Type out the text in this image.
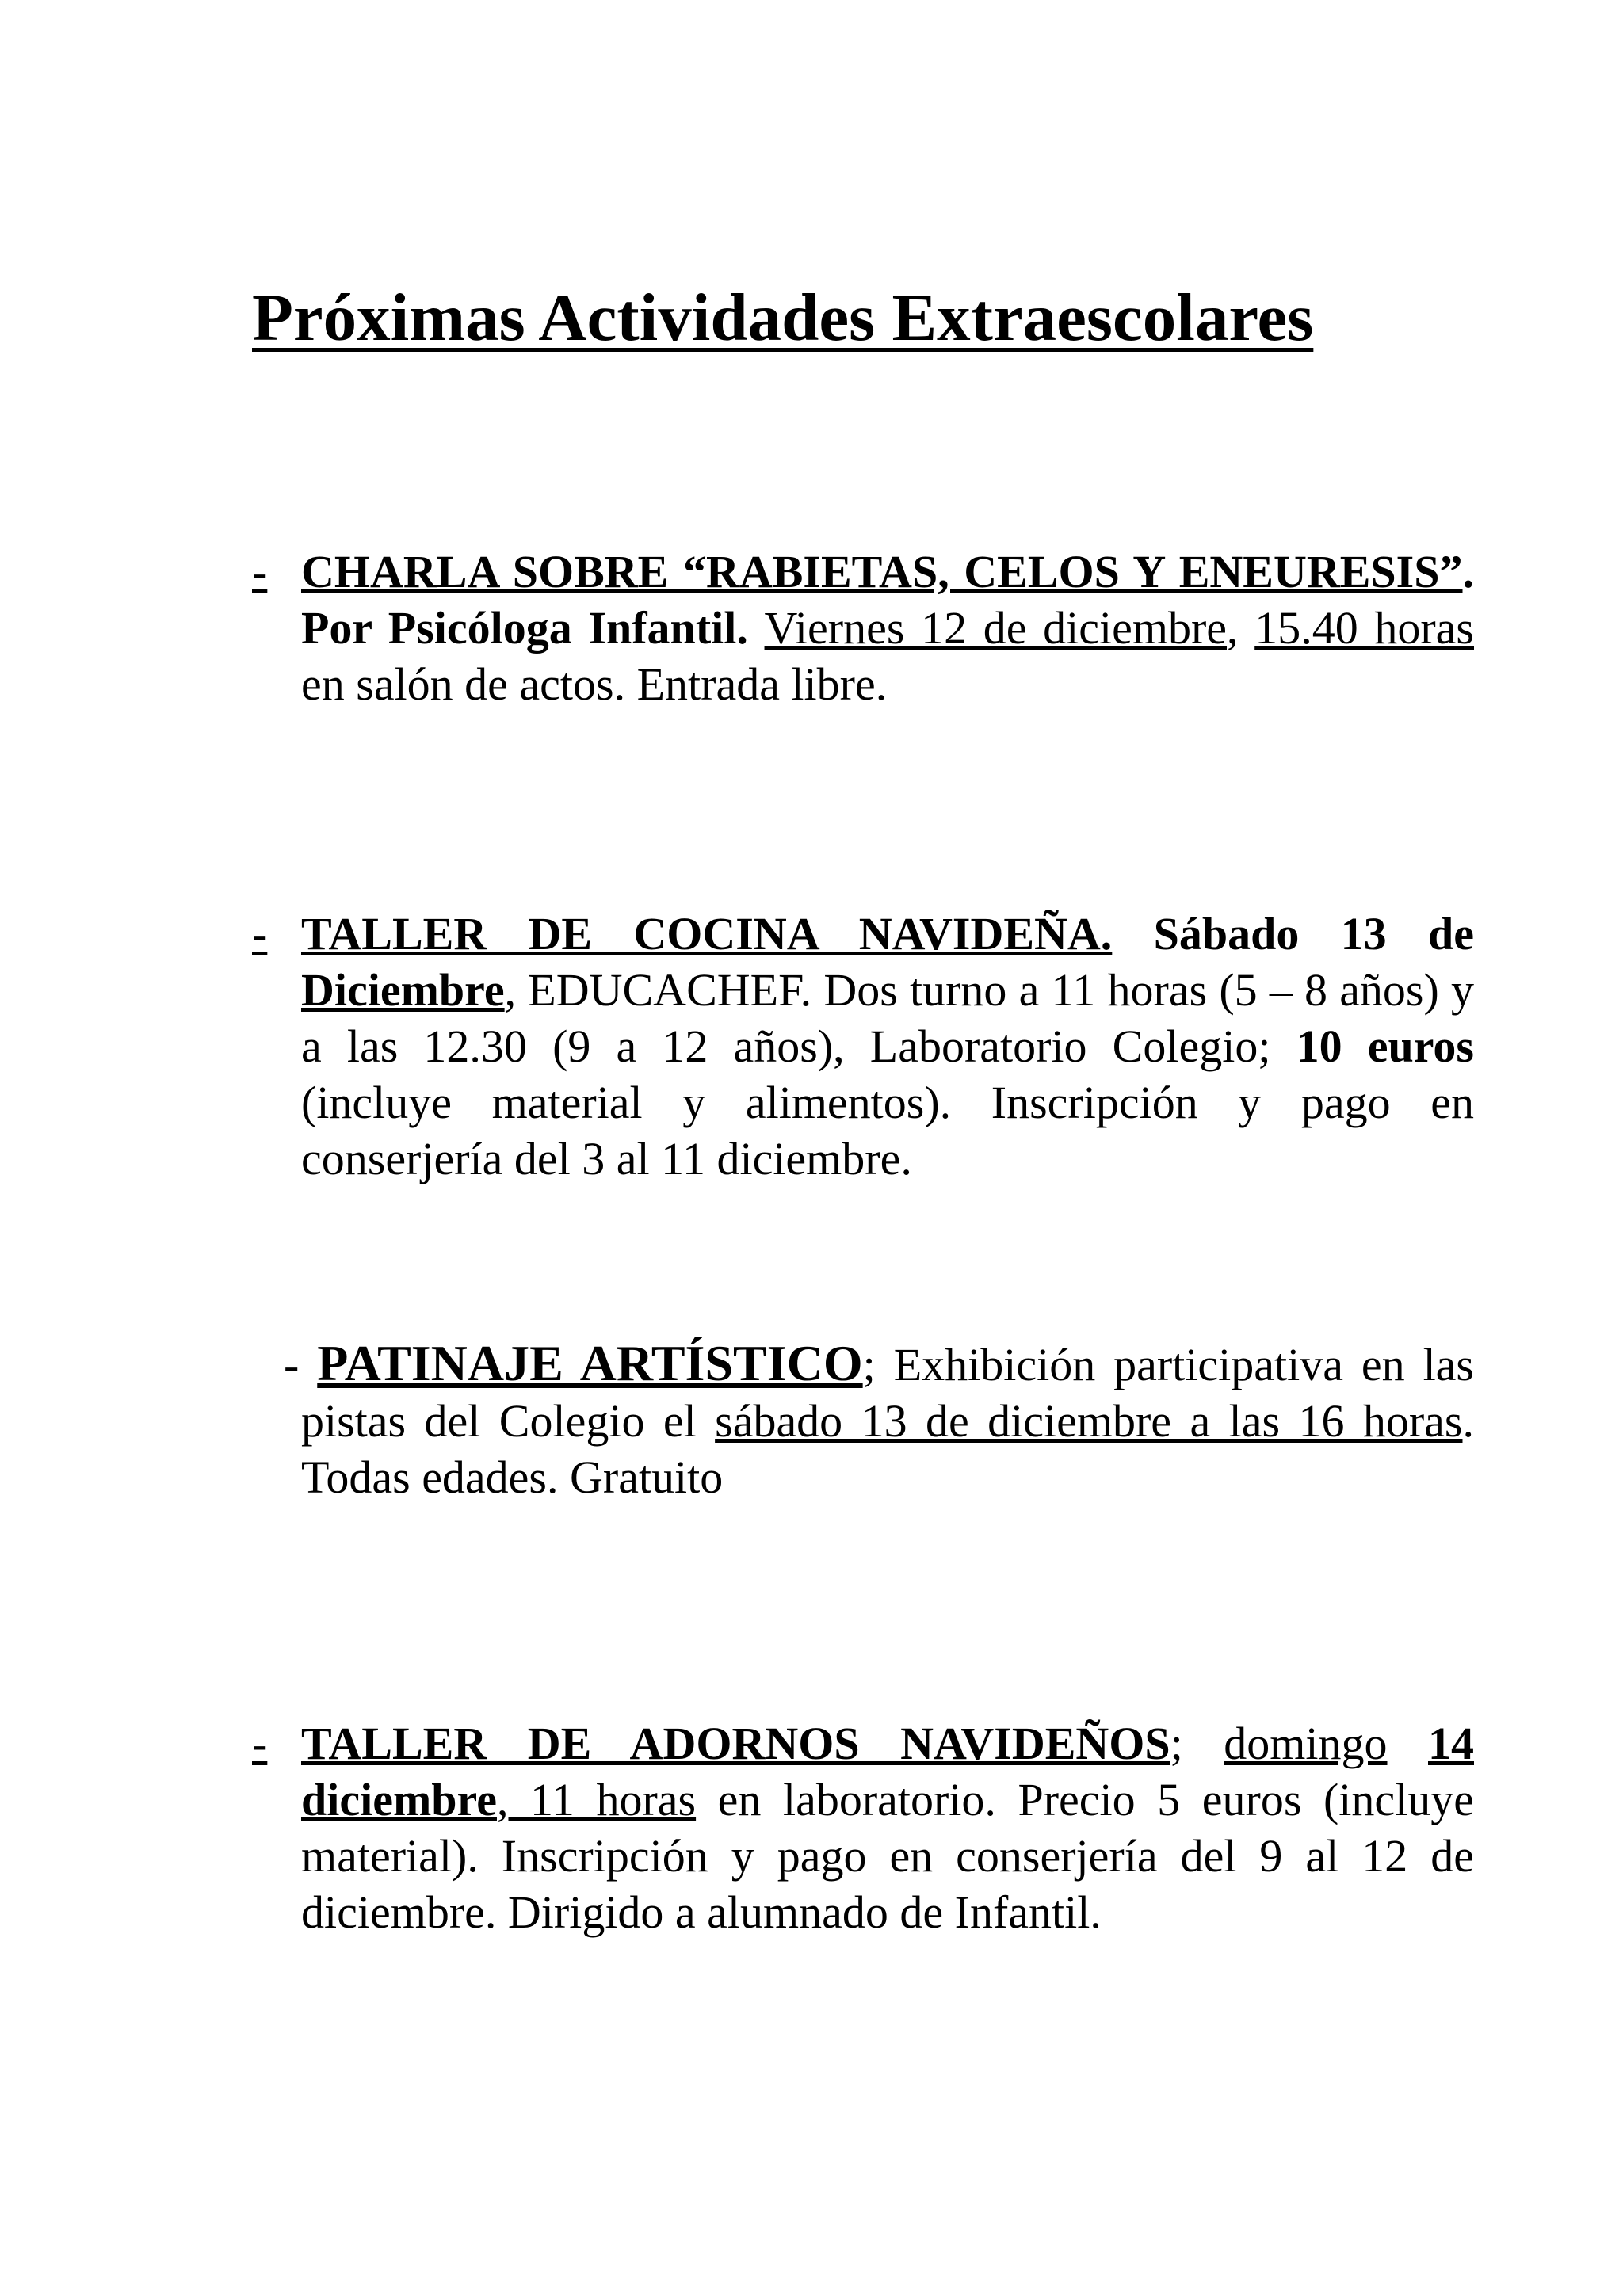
Próximas Actividades Extraescolares
- CHARLA SOBRE “RABIETAS, CELOS Y ENEURESIS”. Por Psicóloga Infantil. Viernes 12 de diciembre, 15.40 horas en salón de actos. Entrada libre.
- TALLER DE COCINA NAVIDEÑA. Sábado 13 de Diciembre, EDUCACHEF. Dos turno a 11 horas (5 – 8 años) y a las 12.30 (9 a 12 años), Laboratorio Colegio; 10 euros (incluye material y alimentos). Inscripción y pago en conserjería del 3 al 11 diciembre.
- PATINAJE ARTÍSTICO; Exhibición participativa en las pistas del Colegio el sábado 13 de diciembre a las 16 horas. Todas edades. Gratuito
- TALLER DE ADORNOS NAVIDEÑOS; domingo 14 diciembre, 11 horas en laboratorio. Precio 5 euros (incluye material). Inscripción y pago en conserjería del 9 al 12 de diciembre. Dirigido a alumnado de Infantil.
